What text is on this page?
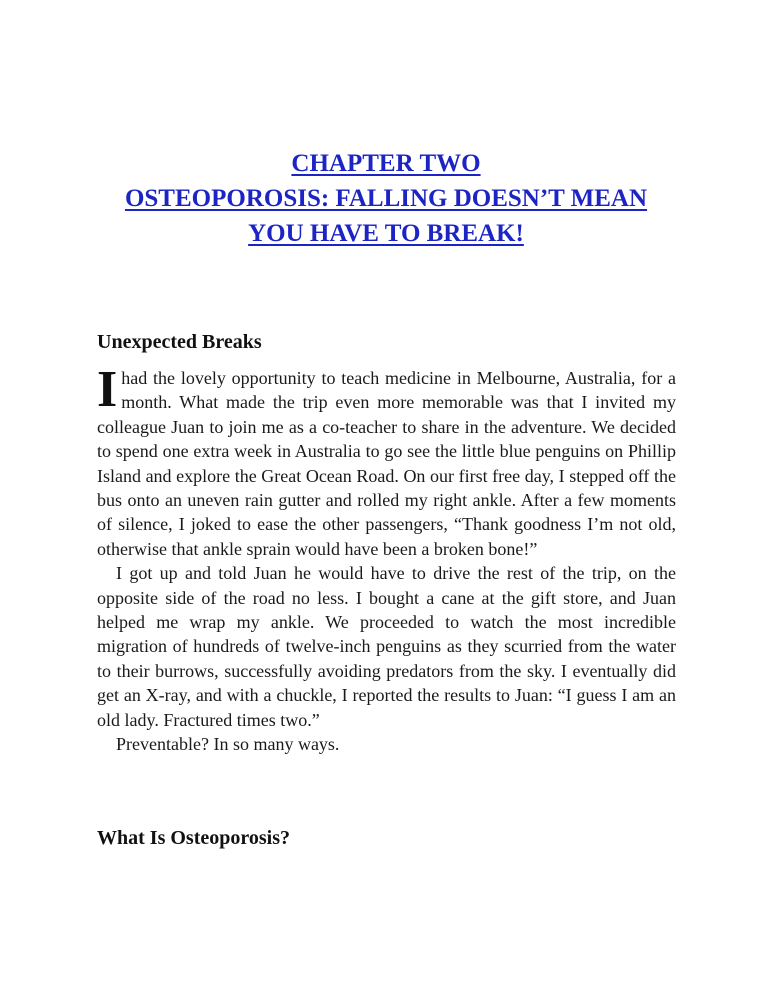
CHAPTER TWO
OSTEOPOROSIS: FALLING DOESN’T MEAN
YOU HAVE TO BREAK!
Unexpected Breaks

Ihad the lovely opportunity to teach medicine in Melbourne, Australia, for a month. What made the trip even more memorable was that I invited my colleague Juan to join me as a co-teacher to share in the adventure. We decided to spend one extra week in Australia to go see the little blue penguins on Phillip Island and explore the Great Ocean Road. On our first free day, I stepped off the bus onto an uneven rain gutter and rolled my right ankle. After a few moments of silence, I joked to ease the other passengers, “Thank goodness I’m not old, otherwise that ankle sprain would have been a broken bone!”

I got up and told Juan he would have to drive the rest of the trip, on the opposite side of the road no less. I bought a cane at the gift store, and Juan helped me wrap my ankle. We proceeded to watch the most incredible migration of hundreds of twelve-inch penguins as they scurried from the water to their burrows, successfully avoiding predators from the sky. I eventually did get an X-ray, and with a chuckle, I reported the results to Juan: “I guess I am an old lady. Fractured times two.”

Preventable? In so many ways.

What Is Osteoporosis?
